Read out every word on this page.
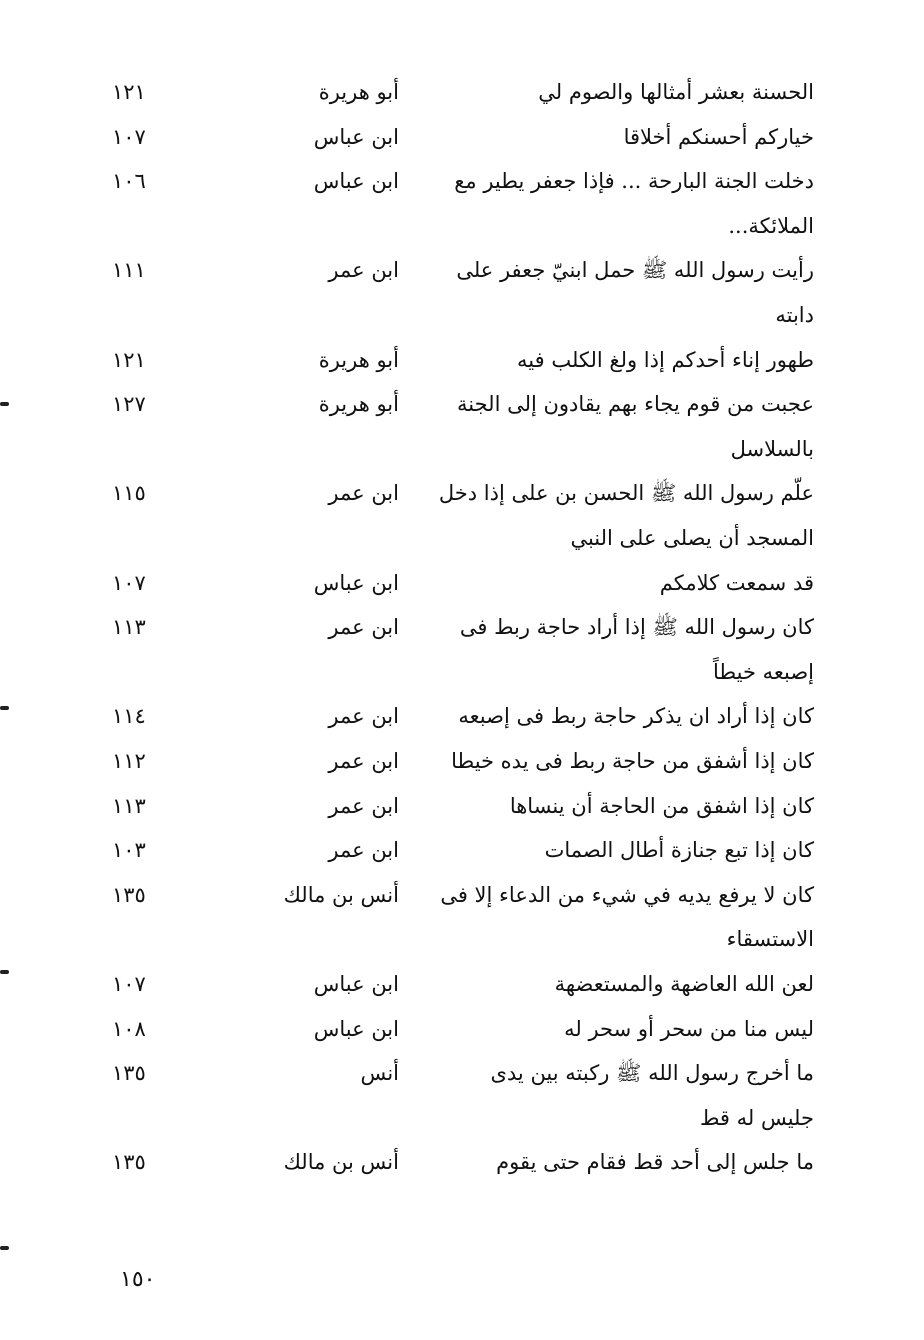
الحسنة بعشر أمثالها والصوم لي
أبو هريرة
١٢١
خياركم أحسنكم أخلاقا
ابن عباس
١٠٧
دخلت الجنة البارحة ... فإذا جعفر يطير مع
ابن عباس
١٠٦
الملائكة...
رأيت رسول الله ﷺ حمل ابنيّ جعفر على
ابن عمر
١١١
دابته
طهور إناء أحدكم إذا ولغ الكلب فيه
أبو هريرة
١٢١
عجبت من قوم يجاء بهم يقادون إلى الجنة
أبو هريرة
١٢٧
بالسلاسل
علّم رسول الله ﷺ الحسن بن على إذا دخل
ابن عمر
١١٥
المسجد أن يصلى على النبي
قد سمعت كلامكم
ابن عباس
١٠٧
كان رسول الله ﷺ إذا أراد حاجة ربط فى
ابن عمر
١١٣
إصبعه خيطاً
كان إذا أراد ان يذكر حاجة ربط فى إصبعه
ابن عمر
١١٤
كان إذا أشفق من حاجة ربط فى يده خيطا
ابن عمر
١١٢
كان إذا اشفق من الحاجة أن ينساها
ابن عمر
١١٣
كان إذا تبع جنازة أطال الصمات
ابن عمر
١٠٣
كان لا يرفع يديه في شيء من الدعاء إلا فى
أنس بن مالك
١٣٥
الاستسقاء
لعن الله العاضهة والمستعضهة
ابن عباس
١٠٧
ليس منا من سحر أو سحر له
ابن عباس
١٠٨
ما أخرج رسول الله ﷺ ركبته بين يدى
أنس
١٣٥
جليس له قط
ما جلس إلى أحد قط فقام حتى يقوم
أنس بن مالك
١٣٥
١٥٠
